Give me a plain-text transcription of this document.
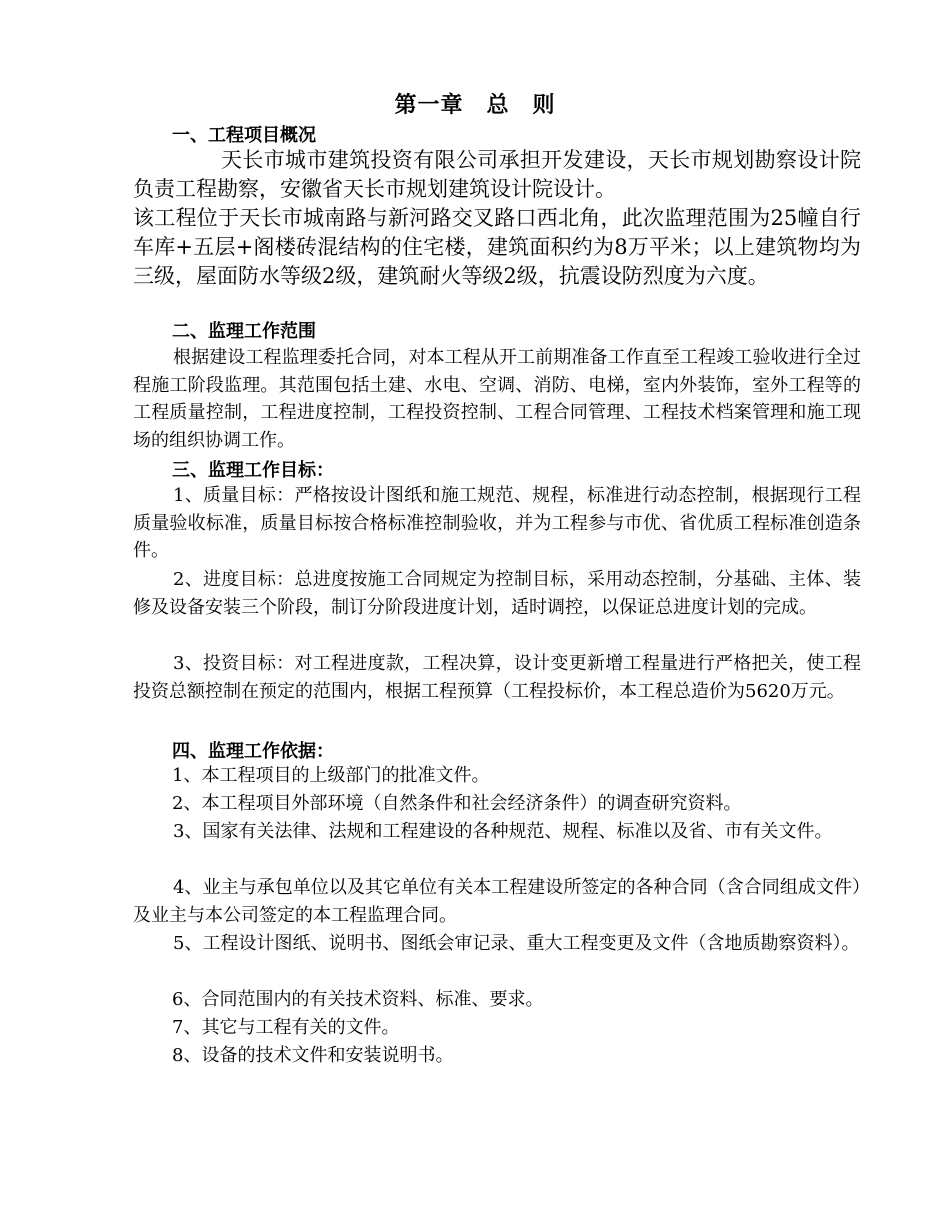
第一章　总　则
一、工程项目概况

天长市城市建筑投资有限公司承担开发建设，天长市规划勘察设计院负责工程勘察，安徽省天长市规划建筑设计院设计。

该工程位于天长市城南路与新河路交叉路口西北角，此次监理范围为25幢自行车库+五层+阁楼砖混结构的住宅楼，建筑面积约为8万平米；以上建筑物均为三级，屋面防水等级2级，建筑耐火等级2级，抗震设防烈度为六度。

二、监理工作范围

根据建设工程监理委托合同，对本工程从开工前期准备工作直至工程竣工验收进行全过程施工阶段监理。其范围包括土建、水电、空调、消防、电梯，室内外装饰，室外工程等的工程质量控制，工程进度控制，工程投资控制、工程合同管理、工程技术档案管理和施工现场的组织协调工作。

三、监理工作目标：

1、质量目标：严格按设计图纸和施工规范、规程，标准进行动态控制，根据现行工程质量验收标准，质量目标按合格标准控制验收，并为工程参与市优、省优质工程标准创造条件。

2、进度目标：总进度按施工合同规定为控制目标，采用动态控制，分基础、主体、装修及设备安装三个阶段，制订分阶段进度计划，适时调控，以保证总进度计划的完成。

3、投资目标：对工程进度款，工程决算，设计变更新增工程量进行严格把关，使工程投资总额控制在预定的范围内，根据工程预算（工程投标价，本工程总造价为5620万元。

四、监理工作依据：
1、本工程项目的上级部门的批准文件。
2、本工程项目外部环境（自然条件和社会经济条件）的调查研究资料。

3、国家有关法律、法规和工程建设的各种规范、规程、标准以及省、市有关文件。

4、业主与承包单位以及其它单位有关本工程建设所签定的各种合同（含合同组成文件）及业主与本公司签定的本工程监理合同。

5、工程设计图纸、说明书、图纸会审记录、重大工程变更及文件（含地质勘察资料）。

6、合同范围内的有关技术资料、标准、要求。
7、其它与工程有关的文件。
8、设备的技术文件和安装说明书。
